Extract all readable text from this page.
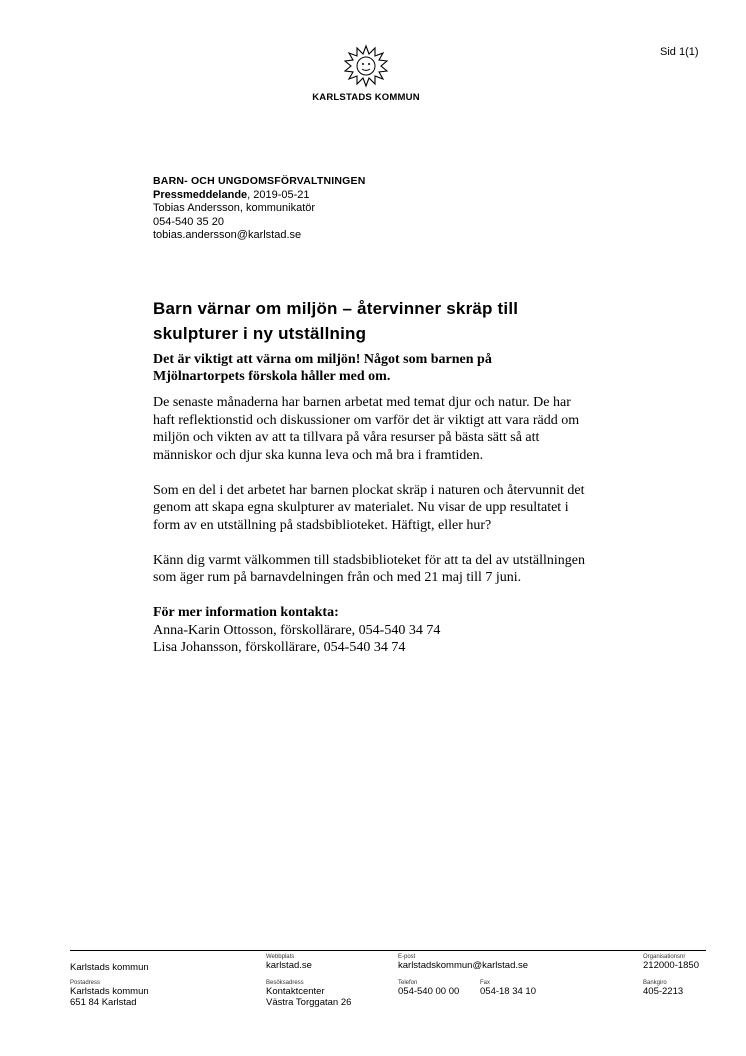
Sid 1(1)
KARLSTADS KOMMUN
BARN- OCH UNGDOMSFÖRVALTNINGEN
Pressmeddelande, 2019-05-21
Tobias Andersson, kommunikatör
054-540 35 20
tobias.andersson@karlstad.se
Barn värnar om miljön – återvinner skräp till
skulpturer i ny utställning
Det är viktigt att värna om miljön! Något som barnen på
Mjölnartorpets förskola håller med om.

De senaste månaderna har barnen arbetat med temat djur och natur. De har
haft reflektionstid och diskussioner om varför det är viktigt att vara rädd om
miljön och vikten av att ta tillvara på våra resurser på bästa sätt så att
människor och djur ska kunna leva och må bra i framtiden.

Som en del i det arbetet har barnen plockat skräp i naturen och återvunnit det
genom att skapa egna skulpturer av materialet. Nu visar de upp resultatet i
form av en utställning på stadsbiblioteket. Häftigt, eller hur?

Känn dig varmt välkommen till stadsbiblioteket för att ta del av utställningen
som äger rum på barnavdelningen från och med 21 maj till 7 juni.

För mer information kontakta:
Anna-Karin Ottosson, förskollärare, 054-540 34 74
Lisa Johansson, förskollärare, 054-540 34 74
Karlstads kommun
Webbplats
karlstad.se
E-post
karlstadskommun@karlstad.se
Organisationsnr
212000-1850
Postadress
Karlstads kommun
651 84 Karlstad
Besöksadress
Kontaktcenter
Västra Torggatan 26
Telefon
054-540 00 00
Fax
054-18 34 10
Bankgiro
405-2213
